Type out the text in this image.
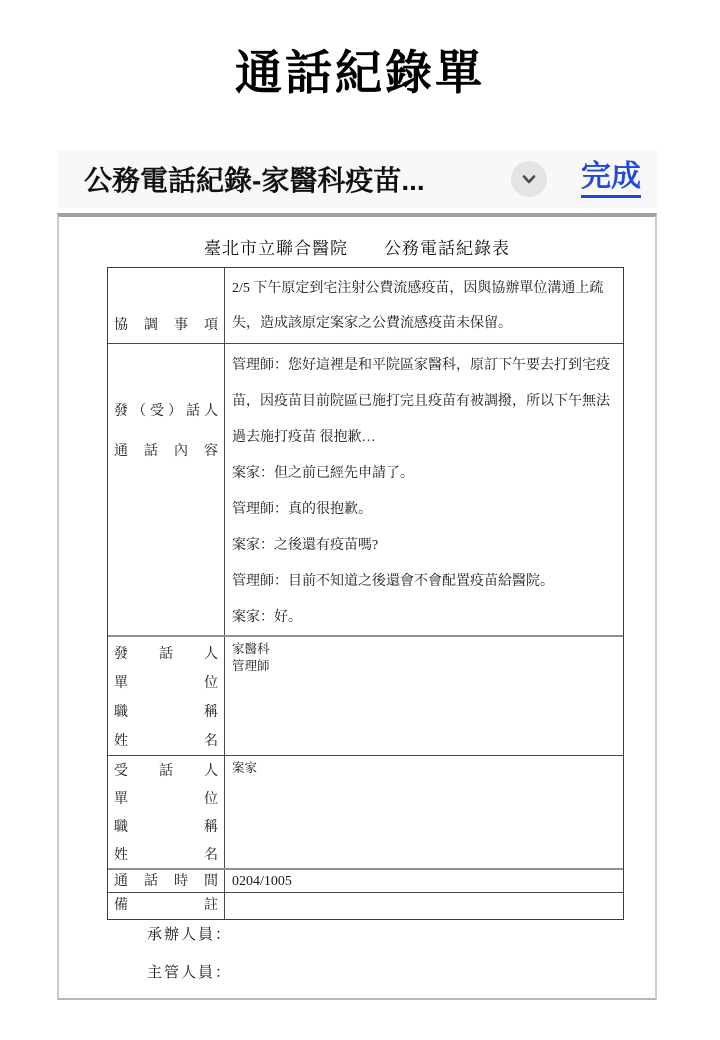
通話紀錄單
公務電話紀錄-家醫科疫苗...	完成
臺北市立聯合醫院　　公務電話紀錄表
協調事項
2/5 下午原定到宅注射公費流感疫苗，因與協辦單位溝通上疏失，造成該原定案家之公費流感疫苗未保留。
發（受）話人
通話內容
管理師：您好這裡是和平院區家醫科，原訂下午要去打到宅疫苗，因疫苗目前院區已施打完且疫苗有被調撥，所以下午無法過去施打疫苗 很抱歉…
案家：但之前已經先申請了。
管理師：真的很抱歉。
案家：之後還有疫苗嗎?
管理師：目前不知道之後還會不會配置疫苗給醫院。
案家：好。
發話人
單位
職稱
姓名
家醫科
管理師
受話人
單位
職稱
姓名
案家
通話時間 0204/1005
備註
承辦人員：
主管人員：
